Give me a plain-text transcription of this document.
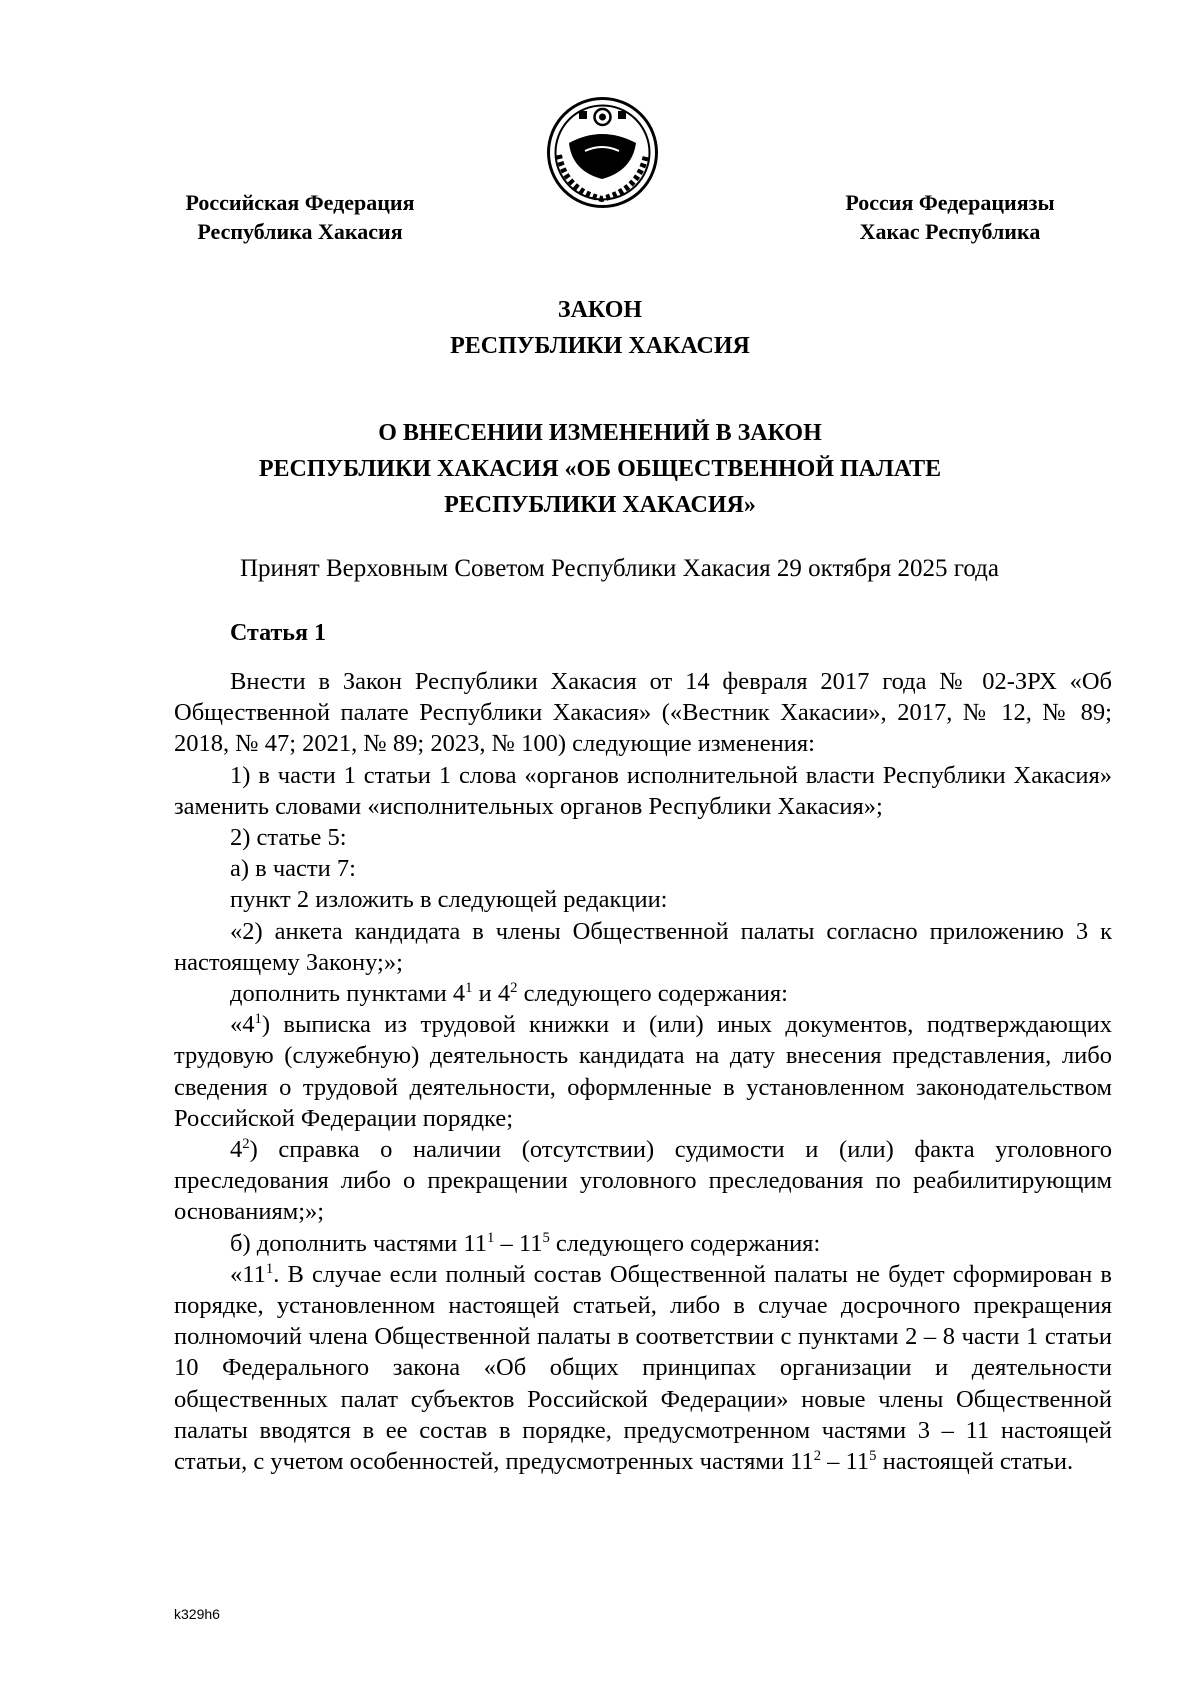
Российская Федерация
Республика Хакасия
Россия Федерациязы
Хакас Республика
ЗАКОН
РЕСПУБЛИКИ ХАКАСИЯ
О ВНЕСЕНИИ ИЗМЕНЕНИЙ В ЗАКОН
РЕСПУБЛИКИ ХАКАСИЯ «ОБ ОБЩЕСТВЕННОЙ ПАЛАТЕ
РЕСПУБЛИКИ ХАКАСИЯ»
Принят Верховным Советом Республики Хакасия 29 октября 2025 года
Статья 1

Внести в Закон Республики Хакасия от 14 февраля 2017 года № 02-ЗРХ «Об Общественной палате Республики Хакасия» («Вестник Хакасии», 2017, № 12, № 89; 2018, № 47; 2021, № 89; 2023, № 100) следующие изменения:

1) в части 1 статьи 1 слова «органов исполнительной власти Республики Хакасия» заменить словами «исполнительных органов Республики Хакасия»;

2) статье 5:

а) в части 7:

пункт 2 изложить в следующей редакции:

«2) анкета кандидата в члены Общественной палаты согласно приложению 3 к настоящему Закону;»;

дополнить пунктами $4^1$ и $4^2$ следующего содержания:

«$4^1$) выписка из трудовой книжки и (или) иных документов, подтверждающих трудовую (служебную) деятельность кандидата на дату внесения представления, либо сведения о трудовой деятельности, оформленные в установленном законодательством Российской Федерации порядке;

$4^2$) справка о наличии (отсутствии) судимости и (или) факта уголовного преследования либо о прекращении уголовного преследования по реабилитирующим основаниям;»;

б) дополнить частями $11^1 - 11^5$ следующего содержания:

«$11^1$. В случае если полный состав Общественной палаты не будет сформирован в порядке, установленном настоящей статьей, либо в случае досрочного прекращения полномочий члена Общественной палаты в соответствии с пунктами 2 – 8 части 1 статьи 10 Федерального закона «Об общих принципах организации и деятельности общественных палат субъектов Российской Федерации» новые члены Общественной палаты вводятся в ее состав в порядке, предусмотренном частями 3 – 11 настоящей статьи, с учетом особенностей, предусмотренных частями $11^2 - 11^5$ настоящей статьи.

k329h6
